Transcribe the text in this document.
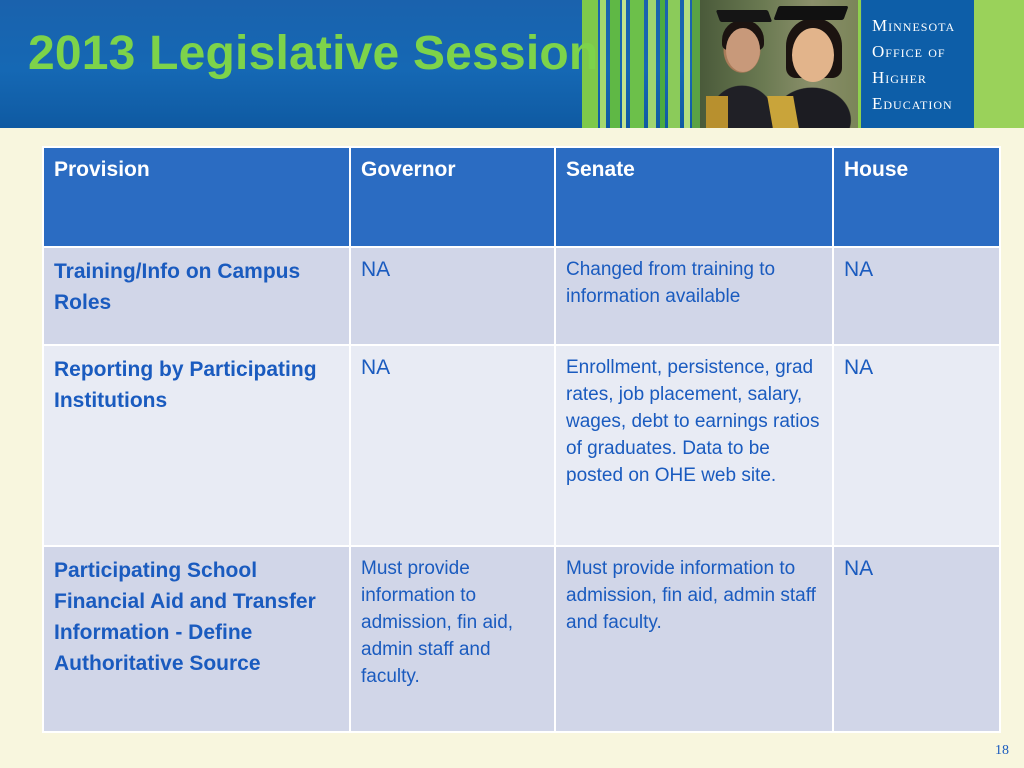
2013 Legislative Session
Minnesota
Office of
Higher
Education
Provision	Governor	Senate	House
Training/Info on Campus Roles	NA	Changed from training to information available	NA
Reporting by Participating Institutions	NA	Enrollment, persistence, grad rates, job placement, salary, wages, debt to earnings ratios of graduates. Data to be posted on OHE web site.	NA
Participating School Financial Aid and Transfer Information - Define Authoritative Source	Must provide information to admission, fin aid, admin staff and faculty.	Must provide information to admission, fin aid, admin staff and faculty.	NA
18
